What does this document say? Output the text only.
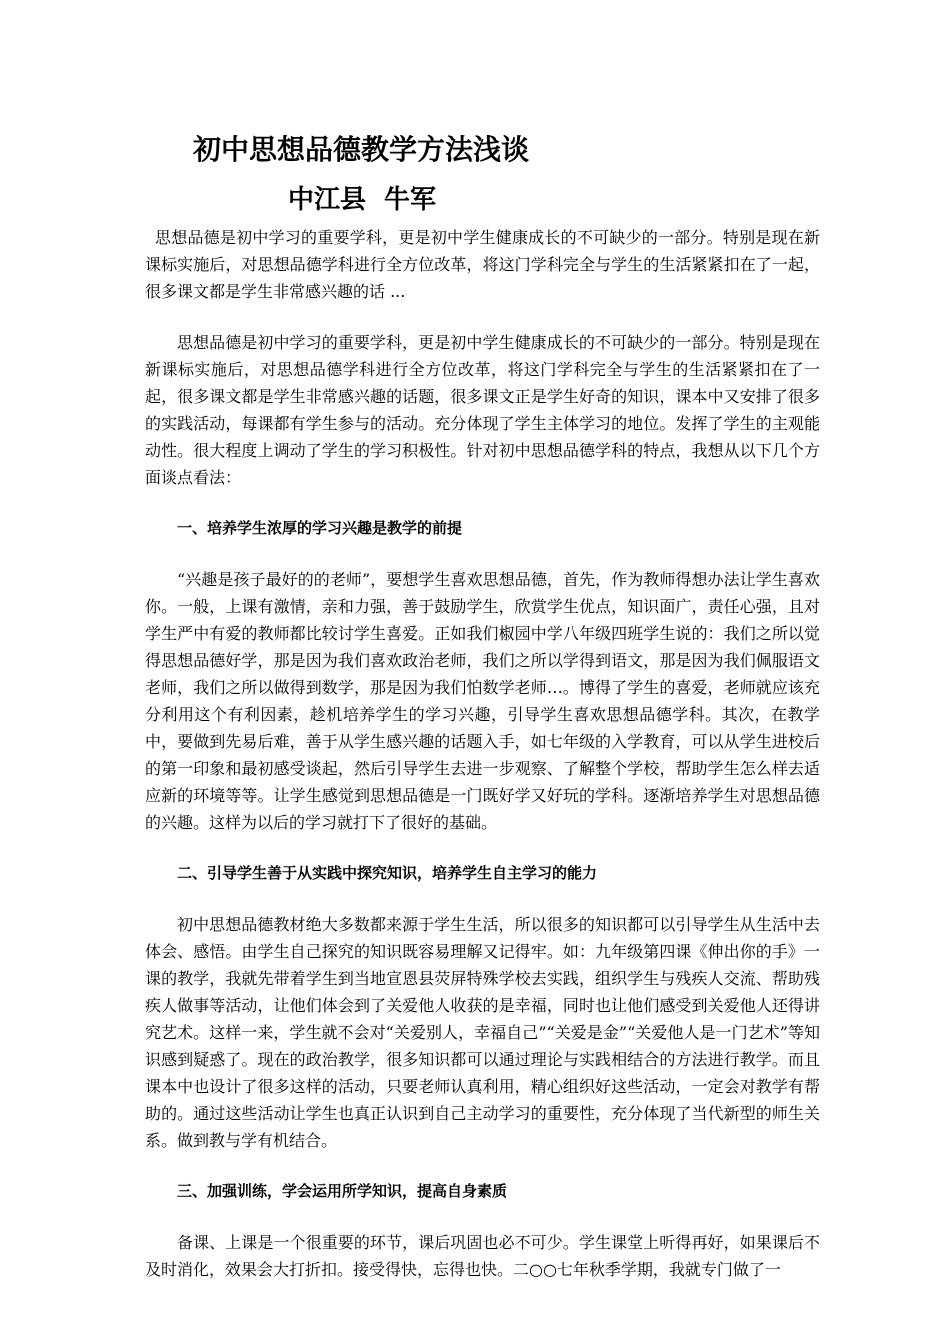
初中思想品德教学方法浅谈
中江县 牛军

思想品德是初中学习的重要学科，更是初中学生健康成长的不可缺少的一部分。特别是现在新课标实施后，对思想品德学科进行全方位改革，将这门学科完全与学生的生活紧紧扣在了一起，很多课文都是学生非常感兴趣的话 ...

思想品德是初中学习的重要学科，更是初中学生健康成长的不可缺少的一部分。特别是现在新课标实施后，对思想品德学科进行全方位改革，将这门学科完全与学生的生活紧紧扣在了一起，很多课文都是学生非常感兴趣的话题，很多课文正是学生好奇的知识，课本中又安排了很多的实践活动，每课都有学生参与的活动。充分体现了学生主体学习的地位。发挥了学生的主观能动性。很大程度上调动了学生的学习积极性。针对初中思想品德学科的特点，我想从以下几个方面谈点看法：

一、培养学生浓厚的学习兴趣是教学的前提

“兴趣是孩子最好的的老师”，要想学生喜欢思想品德，首先，作为教师得想办法让学生喜欢你。一般，上课有激情，亲和力强，善于鼓励学生，欣赏学生优点，知识面广，责任心强，且对学生严中有爱的教师都比较讨学生喜爱。正如我们椒园中学八年级四班学生说的：我们之所以觉得思想品德好学，那是因为我们喜欢政治老师，我们之所以学得到语文，那是因为我们佩服语文老师，我们之所以做得到数学，那是因为我们怕数学老师…。博得了学生的喜爱，老师就应该充分利用这个有利因素，趁机培养学生的学习兴趣，引导学生喜欢思想品德学科。其次，在教学中，要做到先易后难，善于从学生感兴趣的话题入手，如七年级的入学教育，可以从学生进校后的第一印象和最初感受谈起，然后引导学生去进一步观察、了解整个学校，帮助学生怎么样去适应新的环境等等。让学生感觉到思想品德是一门既好学又好玩的学科。逐渐培养学生对思想品德的兴趣。这样为以后的学习就打下了很好的基础。

二、引导学生善于从实践中探究知识，培养学生自主学习的能力

初中思想品德教材绝大多数都来源于学生生活，所以很多的知识都可以引导学生从生活中去体会、感悟。由学生自己探究的知识既容易理解又记得牢。如：九年级第四课《伸出你的手》一课的教学，我就先带着学生到当地宣恩县荧屏特殊学校去实践，组织学生与残疾人交流、帮助残疾人做事等活动，让他们体会到了关爱他人收获的是幸福，同时也让他们感受到关爱他人还得讲究艺术。这样一来，学生就不会对“关爱别人，幸福自己”“关爱是金”“关爱他人是一门艺术”等知识感到疑惑了。现在的政治教学，很多知识都可以通过理论与实践相结合的方法进行教学。而且课本中也设计了很多这样的活动，只要老师认真利用，精心组织好这些活动，一定会对教学有帮助的。通过这些活动让学生也真正认识到自己主动学习的重要性，充分体现了当代新型的师生关系。做到教与学有机结合。

三、加强训练，学会运用所学知识，提高自身素质

备课、上课是一个很重要的环节，课后巩固也必不可少。学生课堂上听得再好，如果课后不及时消化，效果会大打折扣。接受得快，忘得也快。二○○七年秋季学期，我就专门做了一
